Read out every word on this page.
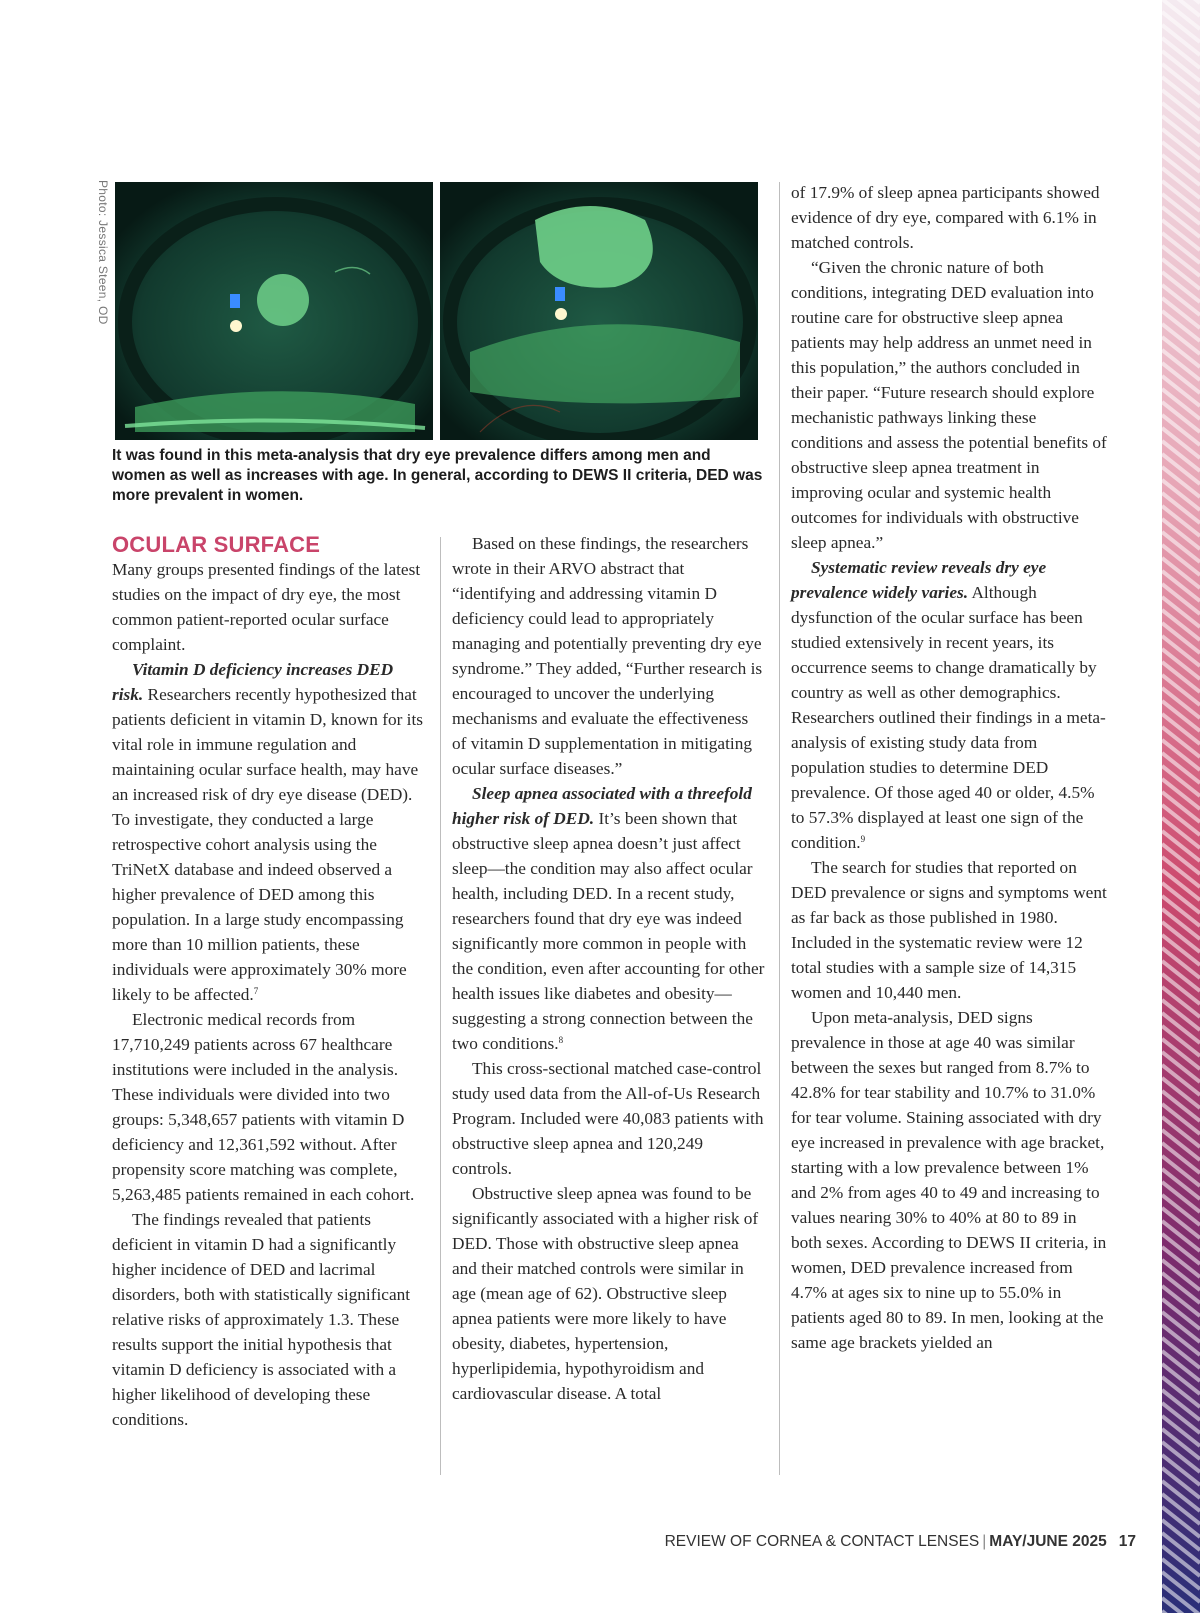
Photo: Jessica Steen, OD

It was found in this meta-analysis that dry eye prevalence differs among men and women as well as increases with age. In general, according to DEWS II criteria, DED was more prevalent in women.

OCULAR SURFACE

Many groups presented findings of the latest studies on the impact of dry eye, the most common patient-reported ocular surface complaint.

Vitamin D deficiency increases DED risk. Researchers recently hypothesized that patients deficient in vitamin D, known for its vital role in immune regulation and maintaining ocular surface health, may have an increased risk of dry eye disease (DED). To investigate, they conducted a large retrospective cohort analysis using the TriNetX database and indeed observed a higher prevalence of DED among this population. In a large study encompassing more than 10 million patients, these individuals were approximately 30% more likely to be affected.$^7$

Electronic medical records from 17,710,249 patients across 67 healthcare institutions were included in the analysis. These individuals were divided into two groups: 5,348,657 patients with vitamin D deficiency and 12,361,592 without. After propensity score matching was complete, 5,263,485 patients remained in each cohort.

The findings revealed that patients deficient in vitamin D had a significantly higher incidence of DED and lacrimal disorders, both with statistically significant relative risks of approximately 1.3. These results support the initial hypothesis that vitamin D deficiency is associated with a higher likelihood of developing these conditions.

Based on these findings, the researchers wrote in their ARVO abstract that “identifying and addressing vitamin D deficiency could lead to appropriately managing and potentially preventing dry eye syndrome.” They added, “Further research is encouraged to uncover the underlying mechanisms and evaluate the effectiveness of vitamin D supplementation in mitigating ocular surface diseases.”

Sleep apnea associated with a threefold higher risk of DED. It’s been shown that obstructive sleep apnea doesn’t just affect sleep—the condition may also affect ocular health, including DED. In a recent study, researchers found that dry eye was indeed significantly more common in people with the condition, even after accounting for other health issues like diabetes and obesity—suggesting a strong connection between the two conditions.$^8$

This cross-sectional matched case-control study used data from the All-of-Us Research Program. Included were 40,083 patients with obstructive sleep apnea and 120,249 controls.

Obstructive sleep apnea was found to be significantly associated with a higher risk of DED. Those with obstructive sleep apnea and their matched controls were similar in age (mean age of 62). Obstructive sleep apnea patients were more likely to have obesity, diabetes, hypertension, hyperlipidemia, hypothyroidism and cardiovascular disease. A total

of 17.9% of sleep apnea participants showed evidence of dry eye, compared with 6.1% in matched controls.

“Given the chronic nature of both conditions, integrating DED evaluation into routine care for obstructive sleep apnea patients may help address an unmet need in this population,” the authors concluded in their paper. “Future research should explore mechanistic pathways linking these conditions and assess the potential benefits of obstructive sleep apnea treatment in improving ocular and systemic health outcomes for individuals with obstructive sleep apnea.”

Systematic review reveals dry eye prevalence widely varies. Although dysfunction of the ocular surface has been studied extensively in recent years, its occurrence seems to change dramatically by country as well as other demographics. Researchers outlined their findings in a meta-analysis of existing study data from population studies to determine DED prevalence. Of those aged 40 or older, 4.5% to 57.3% displayed at least one sign of the condition.$^9$

The search for studies that reported on DED prevalence or signs and symptoms went as far back as those published in 1980. Included in the systematic review were 12 total studies with a sample size of 14,315 women and 10,440 men.

Upon meta-analysis, DED signs prevalence in those at age 40 was similar between the sexes but ranged from 8.7% to 42.8% for tear stability and 10.7% to 31.0% for tear volume. Staining associated with dry eye increased in prevalence with age bracket, starting with a low prevalence between 1% and 2% from ages 40 to 49 and increasing to values nearing 30% to 40% at 80 to 89 in both sexes. According to DEWS II criteria, in women, DED prevalence increased from 4.7% at ages six to nine up to 55.0% in patients aged 80 to 89. In men, looking at the same age brackets yielded an

REVIEW OF CORNEA & CONTACT LENSES | MAY/JUNE 2025 17
